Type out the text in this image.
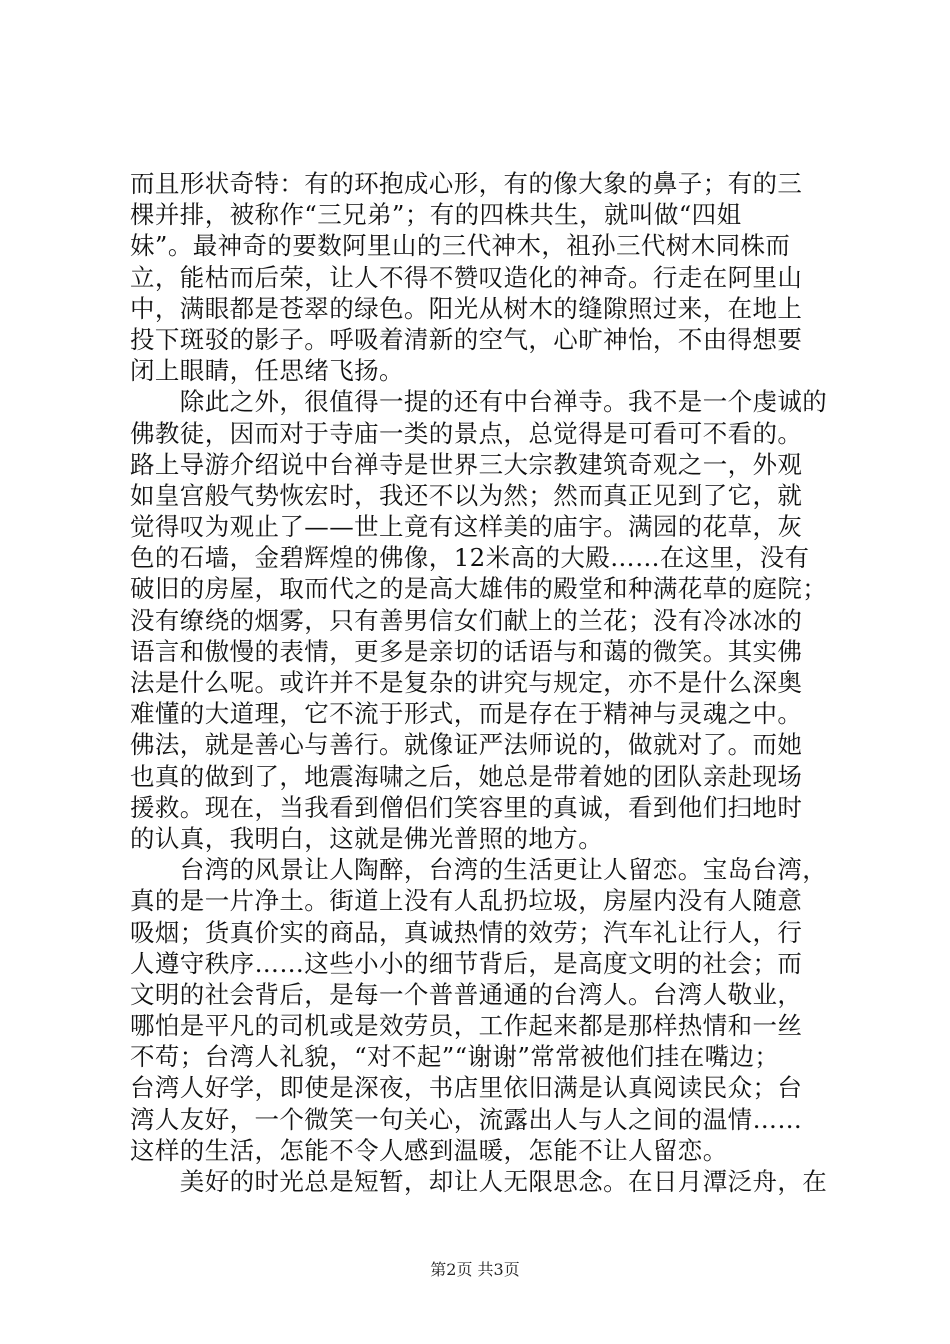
而且形状奇特：有的环抱成心形，有的像大象的鼻子；有的三
棵并排，被称作“三兄弟”；有的四株共生，就叫做“四姐
妹”。最神奇的要数阿里山的三代神木，祖孙三代树木同株而
立，能枯而后荣，让人不得不赞叹造化的神奇。行走在阿里山
中，满眼都是苍翠的绿色。阳光从树木的缝隙照过来，在地上
投下斑驳的影子。呼吸着清新的空气，心旷神怡，不由得想要
闭上眼睛，任思绪飞扬。
　　除此之外，很值得一提的还有中台禅寺。我不是一个虔诚的
佛教徒，因而对于寺庙一类的景点，总觉得是可看可不看的。
路上导游介绍说中台禅寺是世界三大宗教建筑奇观之一，外观
如皇宫般气势恢宏时，我还不以为然；然而真正见到了它，就
觉得叹为观止了——世上竟有这样美的庙宇。满园的花草，灰
色的石墙，金碧辉煌的佛像，12米高的大殿……在这里，没有
破旧的房屋，取而代之的是高大雄伟的殿堂和种满花草的庭院；
没有缭绕的烟雾，只有善男信女们献上的兰花；没有冷冰冰的
语言和傲慢的表情，更多是亲切的话语与和蔼的微笑。其实佛
法是什么呢。或许并不是复杂的讲究与规定，亦不是什么深奥
难懂的大道理，它不流于形式，而是存在于精神与灵魂之中。
佛法，就是善心与善行。就像证严法师说的，做就对了。而她
也真的做到了，地震海啸之后，她总是带着她的团队亲赴现场
援救。现在，当我看到僧侣们笑容里的真诚，看到他们扫地时
的认真，我明白，这就是佛光普照的地方。
　　台湾的风景让人陶醉，台湾的生活更让人留恋。宝岛台湾，
真的是一片净土。街道上没有人乱扔垃圾，房屋内没有人随意
吸烟；货真价实的商品，真诚热情的效劳；汽车礼让行人，行
人遵守秩序……这些小小的细节背后，是高度文明的社会；而
文明的社会背后，是每一个普普通通的台湾人。台湾人敬业，
哪怕是平凡的司机或是效劳员，工作起来都是那样热情和一丝
不苟；台湾人礼貌，“对不起”“谢谢”常常被他们挂在嘴边；
台湾人好学，即使是深夜，书店里依旧满是认真阅读民众；台
湾人友好，一个微笑一句关心，流露出人与人之间的温情……
这样的生活，怎能不令人感到温暖，怎能不让人留恋。
　　美好的时光总是短暂，却让人无限思念。在日月潭泛舟，在
第2页 共3页
